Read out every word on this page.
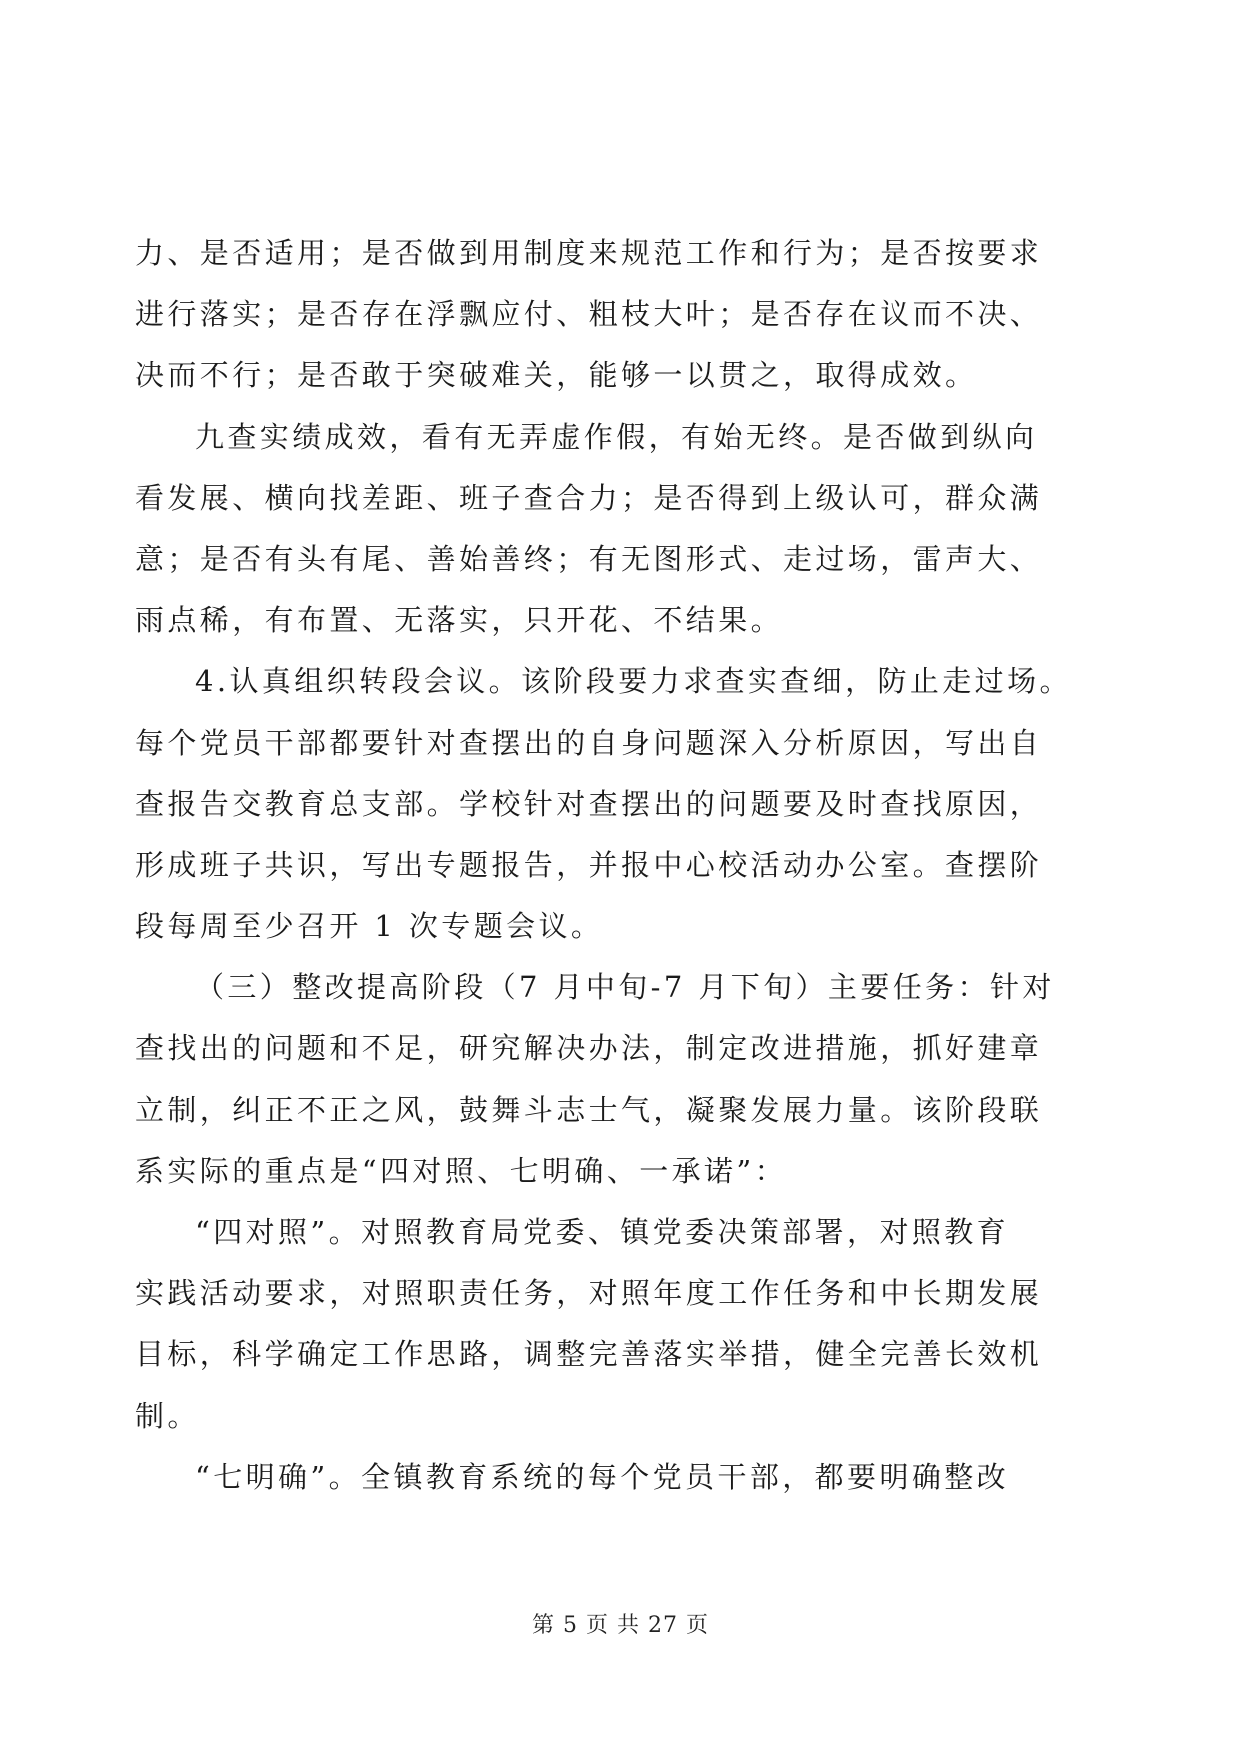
力、是否适用；是否做到用制度来规范工作和行为；是否按要求
进行落实；是否存在浮飘应付、粗枝大叶；是否存在议而不决、
决而不行；是否敢于突破难关，能够一以贯之，取得成效。
九查实绩成效，看有无弄虚作假，有始无终。是否做到纵向
看发展、横向找差距、班子查合力；是否得到上级认可，群众满
意；是否有头有尾、善始善终；有无图形式、走过场，雷声大、
雨点稀，有布置、无落实，只开花、不结果。
4.认真组织转段会议。该阶段要力求查实查细，防止走过场。
每个党员干部都要针对查摆出的自身问题深入分析原因，写出自
查报告交教育总支部。学校针对查摆出的问题要及时查找原因，
形成班子共识，写出专题报告，并报中心校活动办公室。查摆阶
段每周至少召开 1 次专题会议。
（三）整改提高阶段（7 月中旬-7 月下旬）主要任务：针对
查找出的问题和不足，研究解决办法，制定改进措施，抓好建章
立制，纠正不正之风，鼓舞斗志士气，凝聚发展力量。该阶段联
系实际的重点是“四对照、七明确、一承诺”：
“四对照”。对照教育局党委、镇党委决策部署，对照教育
实践活动要求，对照职责任务，对照年度工作任务和中长期发展
目标，科学确定工作思路，调整完善落实举措，健全完善长效机
制。
“七明确”。全镇教育系统的每个党员干部，都要明确整改
第 5 页 共 27 页
